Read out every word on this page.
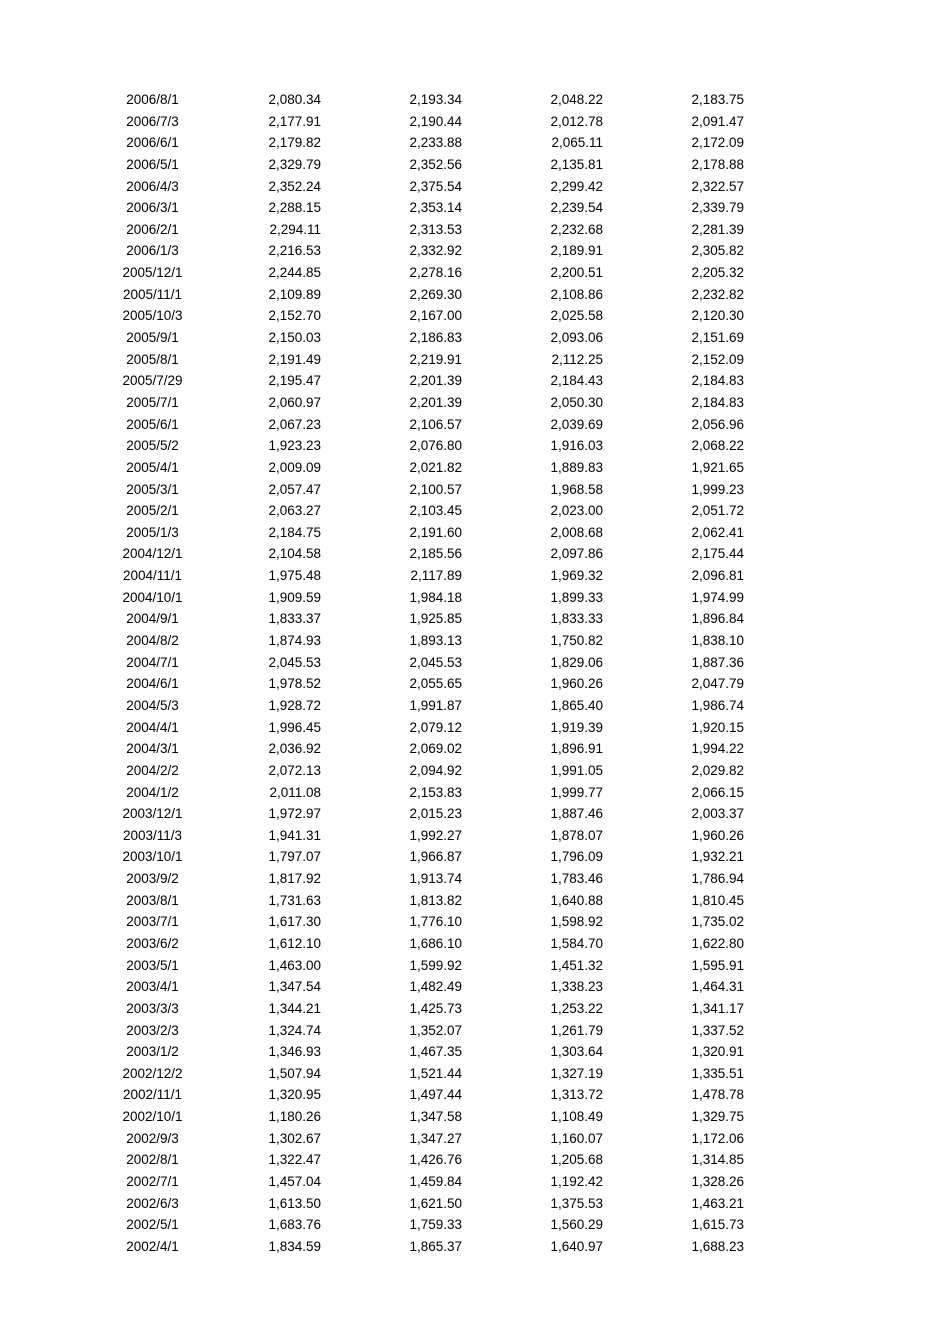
2006/8/1	2,080.34	2,193.34	2,048.22	2,183.75
2006/7/3	2,177.91	2,190.44	2,012.78	2,091.47
2006/6/1	2,179.82	2,233.88	2,065.11	2,172.09
2006/5/1	2,329.79	2,352.56	2,135.81	2,178.88
2006/4/3	2,352.24	2,375.54	2,299.42	2,322.57
2006/3/1	2,288.15	2,353.14	2,239.54	2,339.79
2006/2/1	2,294.11	2,313.53	2,232.68	2,281.39
2006/1/3	2,216.53	2,332.92	2,189.91	2,305.82
2005/12/1	2,244.85	2,278.16	2,200.51	2,205.32
2005/11/1	2,109.89	2,269.30	2,108.86	2,232.82
2005/10/3	2,152.70	2,167.00	2,025.58	2,120.30
2005/9/1	2,150.03	2,186.83	2,093.06	2,151.69
2005/8/1	2,191.49	2,219.91	2,112.25	2,152.09
2005/7/29	2,195.47	2,201.39	2,184.43	2,184.83
2005/7/1	2,060.97	2,201.39	2,050.30	2,184.83
2005/6/1	2,067.23	2,106.57	2,039.69	2,056.96
2005/5/2	1,923.23	2,076.80	1,916.03	2,068.22
2005/4/1	2,009.09	2,021.82	1,889.83	1,921.65
2005/3/1	2,057.47	2,100.57	1,968.58	1,999.23
2005/2/1	2,063.27	2,103.45	2,023.00	2,051.72
2005/1/3	2,184.75	2,191.60	2,008.68	2,062.41
2004/12/1	2,104.58	2,185.56	2,097.86	2,175.44
2004/11/1	1,975.48	2,117.89	1,969.32	2,096.81
2004/10/1	1,909.59	1,984.18	1,899.33	1,974.99
2004/9/1	1,833.37	1,925.85	1,833.33	1,896.84
2004/8/2	1,874.93	1,893.13	1,750.82	1,838.10
2004/7/1	2,045.53	2,045.53	1,829.06	1,887.36
2004/6/1	1,978.52	2,055.65	1,960.26	2,047.79
2004/5/3	1,928.72	1,991.87	1,865.40	1,986.74
2004/4/1	1,996.45	2,079.12	1,919.39	1,920.15
2004/3/1	2,036.92	2,069.02	1,896.91	1,994.22
2004/2/2	2,072.13	2,094.92	1,991.05	2,029.82
2004/1/2	2,011.08	2,153.83	1,999.77	2,066.15
2003/12/1	1,972.97	2,015.23	1,887.46	2,003.37
2003/11/3	1,941.31	1,992.27	1,878.07	1,960.26
2003/10/1	1,797.07	1,966.87	1,796.09	1,932.21
2003/9/2	1,817.92	1,913.74	1,783.46	1,786.94
2003/8/1	1,731.63	1,813.82	1,640.88	1,810.45
2003/7/1	1,617.30	1,776.10	1,598.92	1,735.02
2003/6/2	1,612.10	1,686.10	1,584.70	1,622.80
2003/5/1	1,463.00	1,599.92	1,451.32	1,595.91
2003/4/1	1,347.54	1,482.49	1,338.23	1,464.31
2003/3/3	1,344.21	1,425.73	1,253.22	1,341.17
2003/2/3	1,324.74	1,352.07	1,261.79	1,337.52
2003/1/2	1,346.93	1,467.35	1,303.64	1,320.91
2002/12/2	1,507.94	1,521.44	1,327.19	1,335.51
2002/11/1	1,320.95	1,497.44	1,313.72	1,478.78
2002/10/1	1,180.26	1,347.58	1,108.49	1,329.75
2002/9/3	1,302.67	1,347.27	1,160.07	1,172.06
2002/8/1	1,322.47	1,426.76	1,205.68	1,314.85
2002/7/1	1,457.04	1,459.84	1,192.42	1,328.26
2002/6/3	1,613.50	1,621.50	1,375.53	1,463.21
2002/5/1	1,683.76	1,759.33	1,560.29	1,615.73
2002/4/1	1,834.59	1,865.37	1,640.97	1,688.23
